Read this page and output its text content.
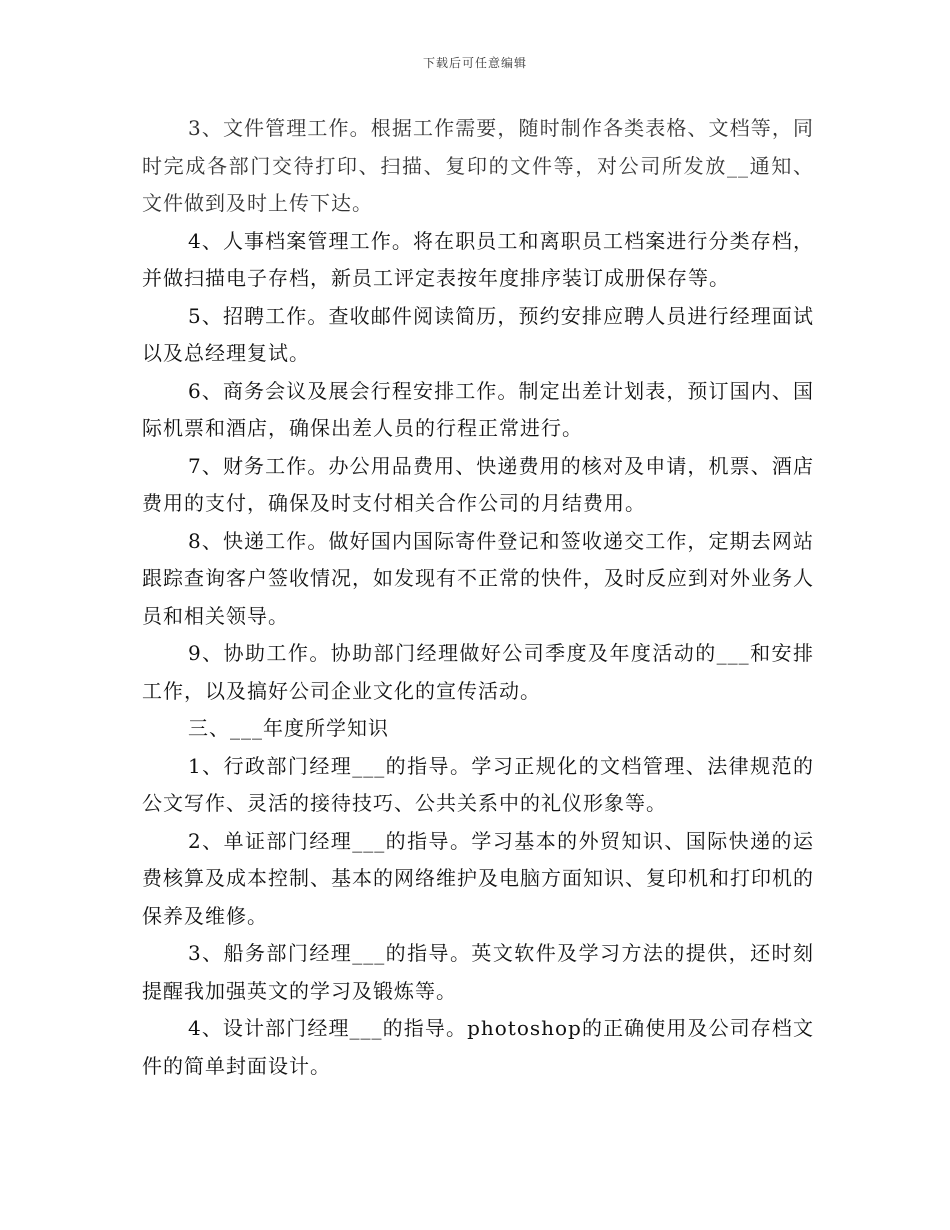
下载后可任意编辑

3、文件管理工作。根据工作需要，随时制作各类表格、文档等，同时完成各部门交待打印、扫描、复印的文件等，对公司所发放__通知、文件做到及时上传下达。

4、人事档案管理工作。将在职员工和离职员工档案进行分类存档，并做扫描电子存档，新员工评定表按年度排序装订成册保存等。

5、招聘工作。查收邮件阅读简历，预约安排应聘人员进行经理面试以及总经理复试。

6、商务会议及展会行程安排工作。制定出差计划表，预订国内、国际机票和酒店，确保出差人员的行程正常进行。

7、财务工作。办公用品费用、快递费用的核对及申请，机票、酒店费用的支付，确保及时支付相关合作公司的月结费用。

8、快递工作。做好国内国际寄件登记和签收递交工作，定期去网站跟踪查询客户签收情况，如发现有不正常的快件，及时反应到对外业务人员和相关领导。

9、协助工作。协助部门经理做好公司季度及年度活动的___和安排工作，以及搞好公司企业文化的宣传活动。

三、___年度所学知识

1、行政部门经理___的指导。学习正规化的文档管理、法律规范的公文写作、灵活的接待技巧、公共关系中的礼仪形象等。

2、单证部门经理___的指导。学习基本的外贸知识、国际快递的运费核算及成本控制、基本的网络维护及电脑方面知识、复印机和打印机的保养及维修。

3、船务部门经理___的指导。英文软件及学习方法的提供，还时刻提醒我加强英文的学习及锻炼等。

4、设计部门经理___的指导。photoshop的正确使用及公司存档文件的简单封面设计。
